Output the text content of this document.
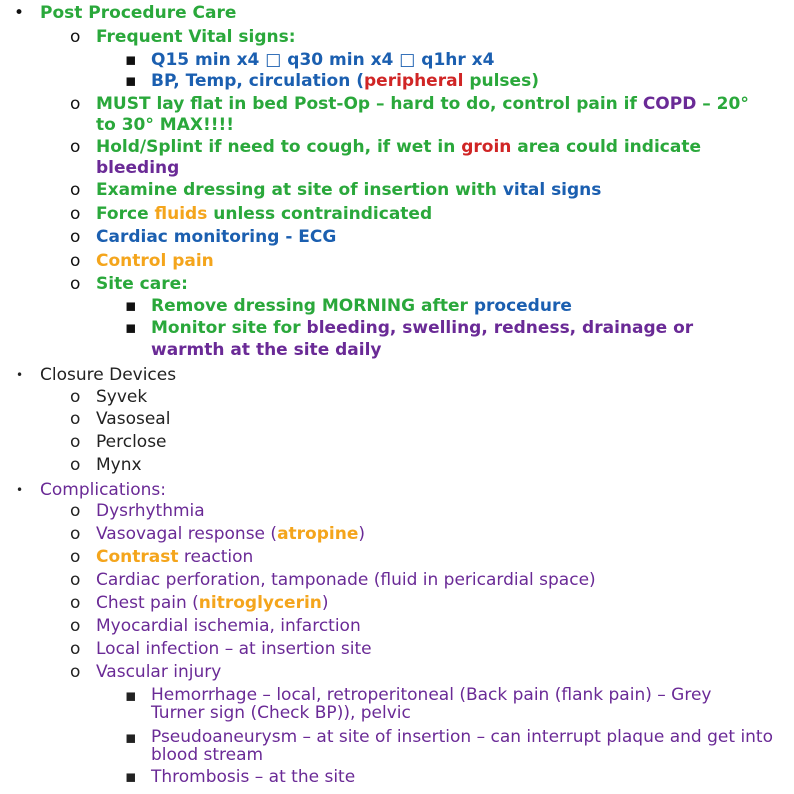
• Post Procedure Care
o Frequent Vital signs:
▪ Q15 min x4 □ q30 min x4 □ q1hr x4
▪ BP, Temp, circulation (peripheral pulses)
o MUST lay flat in bed Post-Op – hard to do, control pain if COPD – 20°
to 30° MAX!!!!
o Hold/Splint if need to cough, if wet in groin area could indicate
bleeding
o Examine dressing at site of insertion with vital signs
o Force fluids unless contraindicated
o Cardiac monitoring - ECG
o Control pain
o Site care:
▪ Remove dressing MORNING after procedure
▪ Monitor site for bleeding, swelling, redness, drainage or
warmth at the site daily
• Closure Devices
o Syvek
o Vasoseal
o Perclose
o Mynx
• Complications:
o Dysrhythmia
o Vasovagal response (atropine)
o Contrast reaction
o Cardiac perforation, tamponade (fluid in pericardial space)
o Chest pain (nitroglycerin)
o Myocardial ischemia, infarction
o Local infection – at insertion site
o Vascular injury
▪ Hemorrhage – local, retroperitoneal (Back pain (flank pain) – Grey Turner sign (Check BP)), pelvic
▪ Pseudoaneurysm – at site of insertion – can interrupt plaque and get into blood stream
▪ Thrombosis – at the site
